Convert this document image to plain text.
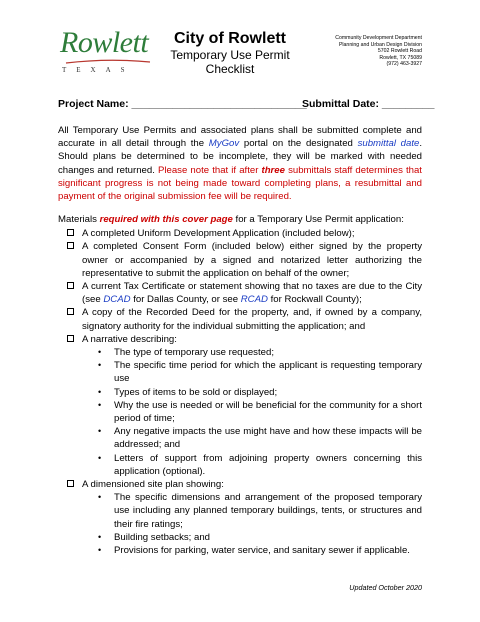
Rowlett
TEXAS
City of Rowlett
Temporary Use Permit
Checklist
Community Development Department
Planning and Urban Design Division
5702 Rowlett Road
Rowlett, TX 75089
(972) 463-3927
Project Name: ______________________________
Submittal Date: _________
All Temporary Use Permits and associated plans shall be submitted complete and accurate in all detail through the MyGov portal on the designated submittal date. Should plans be determined to be incomplete, they will be marked with needed changes and returned. Please note that if after three submittals staff determines that significant progress is not being made toward completing plans, a resubmittal and payment of the original submission fee will be required.
Materials required with this cover page for a Temporary Use Permit application:
A completed Uniform Development Application (included below);
A completed Consent Form (included below) either signed by the property owner or accompanied by a signed and notarized letter authorizing the representative to submit the application on behalf of the owner;
A current Tax Certificate or statement showing that no taxes are due to the City (see DCAD for Dallas County, or see RCAD for Rockwall County);
A copy of the Recorded Deed for the property, and, if owned by a company, signatory authority for the individual submitting the application; and
A narrative describing:
• The type of temporary use requested;
• The specific time period for which the applicant is requesting temporary use
• Types of items to be sold or displayed;
• Why the use is needed or will be beneficial for the community for a short period of time;
• Any negative impacts the use might have and how these impacts will be addressed; and
• Letters of support from adjoining property owners concerning this application (optional).
A dimensioned site plan showing:
• The specific dimensions and arrangement of the proposed temporary use including any planned temporary buildings, tents, or structures and their fire ratings;
• Building setbacks; and
• Provisions for parking, water service, and sanitary sewer if applicable.
Updated October 2020
